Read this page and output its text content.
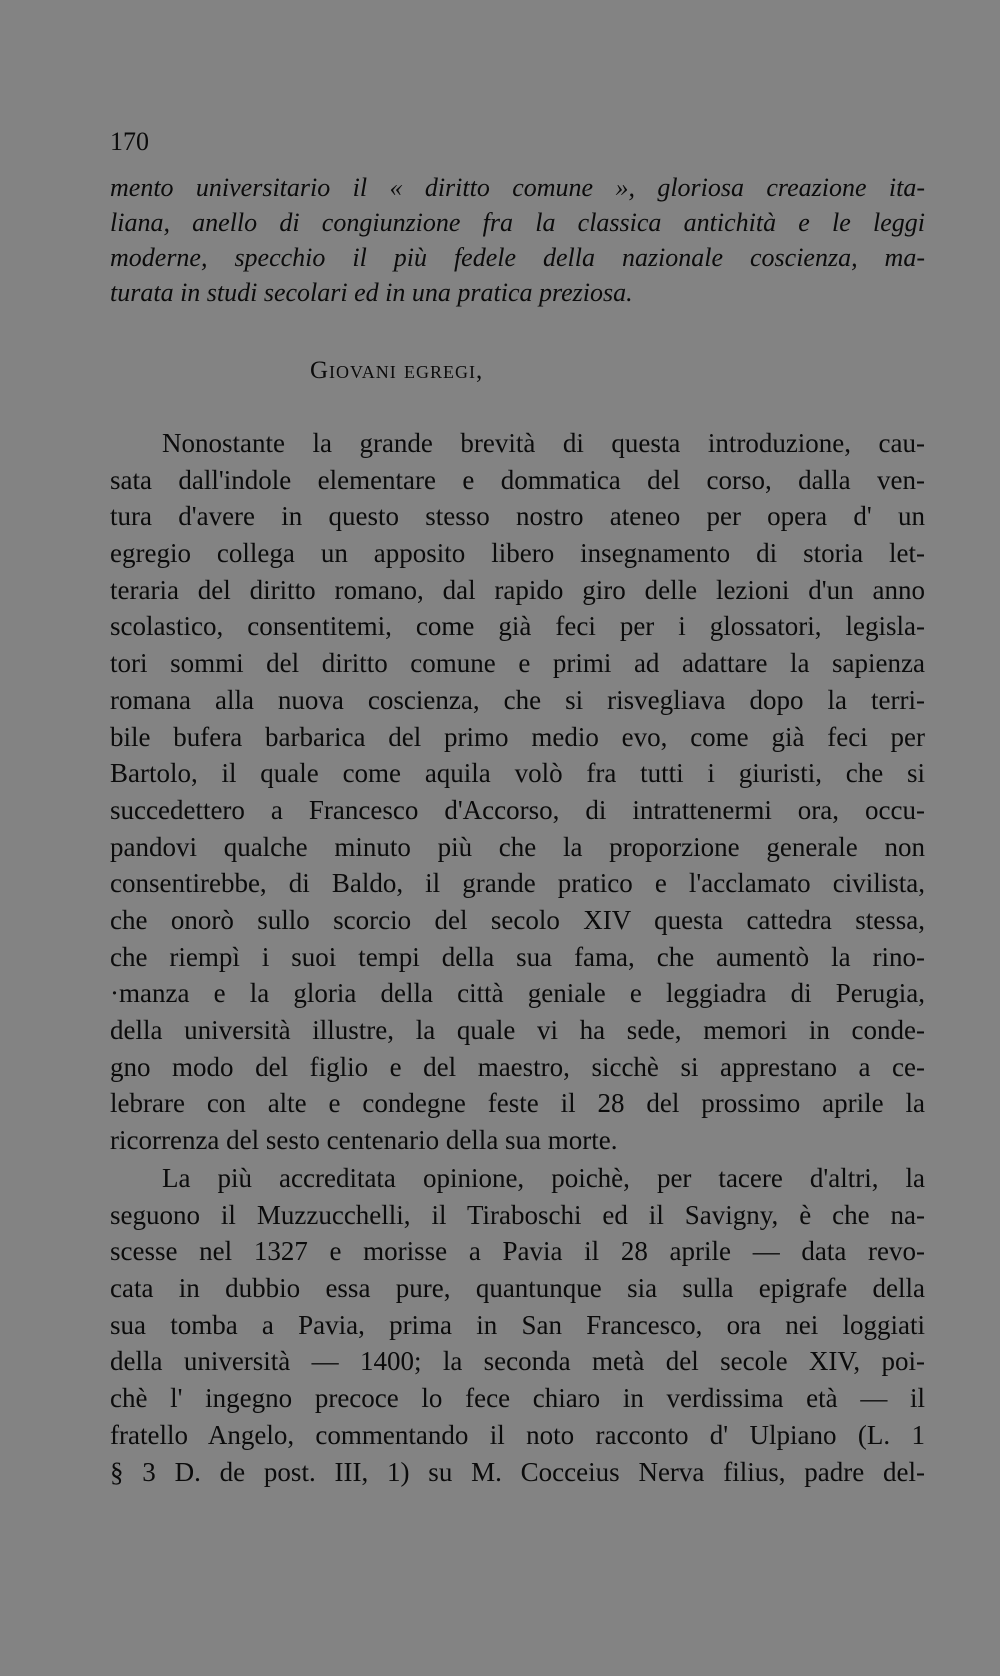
170
mento universitario il « diritto comune », gloriosa creazione ita-
liana, anello di congiunzione fra la classica antichità e le leggi
moderne, specchio il più fedele della nazionale coscienza, ma-
turata in studi secolari ed in una pratica preziosa.
Giovani egregi,
Nonostante la grande brevità di questa introduzione, cau-
sata dall'indole elementare e dommatica del corso, dalla ven-
tura d'avere in questo stesso nostro ateneo per opera d' un
egregio collega un apposito libero insegnamento di storia let-
teraria del diritto romano, dal rapido giro delle lezioni d'un anno
scolastico, consentitemi, come già feci per i glossatori, legisla-
tori sommi del diritto comune e primi ad adattare la sapienza
romana alla nuova coscienza, che si risvegliava dopo la terri-
bile bufera barbarica del primo medio evo, come già feci per
Bartolo, il quale come aquila volò fra tutti i giuristi, che si
succedettero a Francesco d'Accorso, di intrattenermi ora, occu-
pandovi qualche minuto più che la proporzione generale non
consentirebbe, di Baldo, il grande pratico e l'acclamato civilista,
che onorò sullo scorcio del secolo XIV questa cattedra stessa,
che riempì i suoi tempi della sua fama, che aumentò la rino-
·manza e la gloria della città geniale e leggiadra di Perugia,
della università illustre, la quale vi ha sede, memori in conde-
gno modo del figlio e del maestro, sicchè si apprestano a ce-
lebrare con alte e condegne feste il 28 del prossimo aprile la
ricorrenza del sesto centenario della sua morte.
La più accreditata opinione, poichè, per tacere d'altri, la
seguono il Muzzucchelli, il Tiraboschi ed il Savigny, è che na-
scesse nel 1327 e morisse a Pavia il 28 aprile — data revo-
cata in dubbio essa pure, quantunque sia sulla epigrafe della
sua tomba a Pavia, prima in San Francesco, ora nei loggiati
della università — 1400; la seconda metà del secole XIV, poi-
chè l' ingegno precoce lo fece chiaro in verdissima età — il
fratello Angelo, commentando il noto racconto d' Ulpiano (L. 1
§ 3 D. de post. III, 1) su M. Cocceius Nerva filius, padre del-
